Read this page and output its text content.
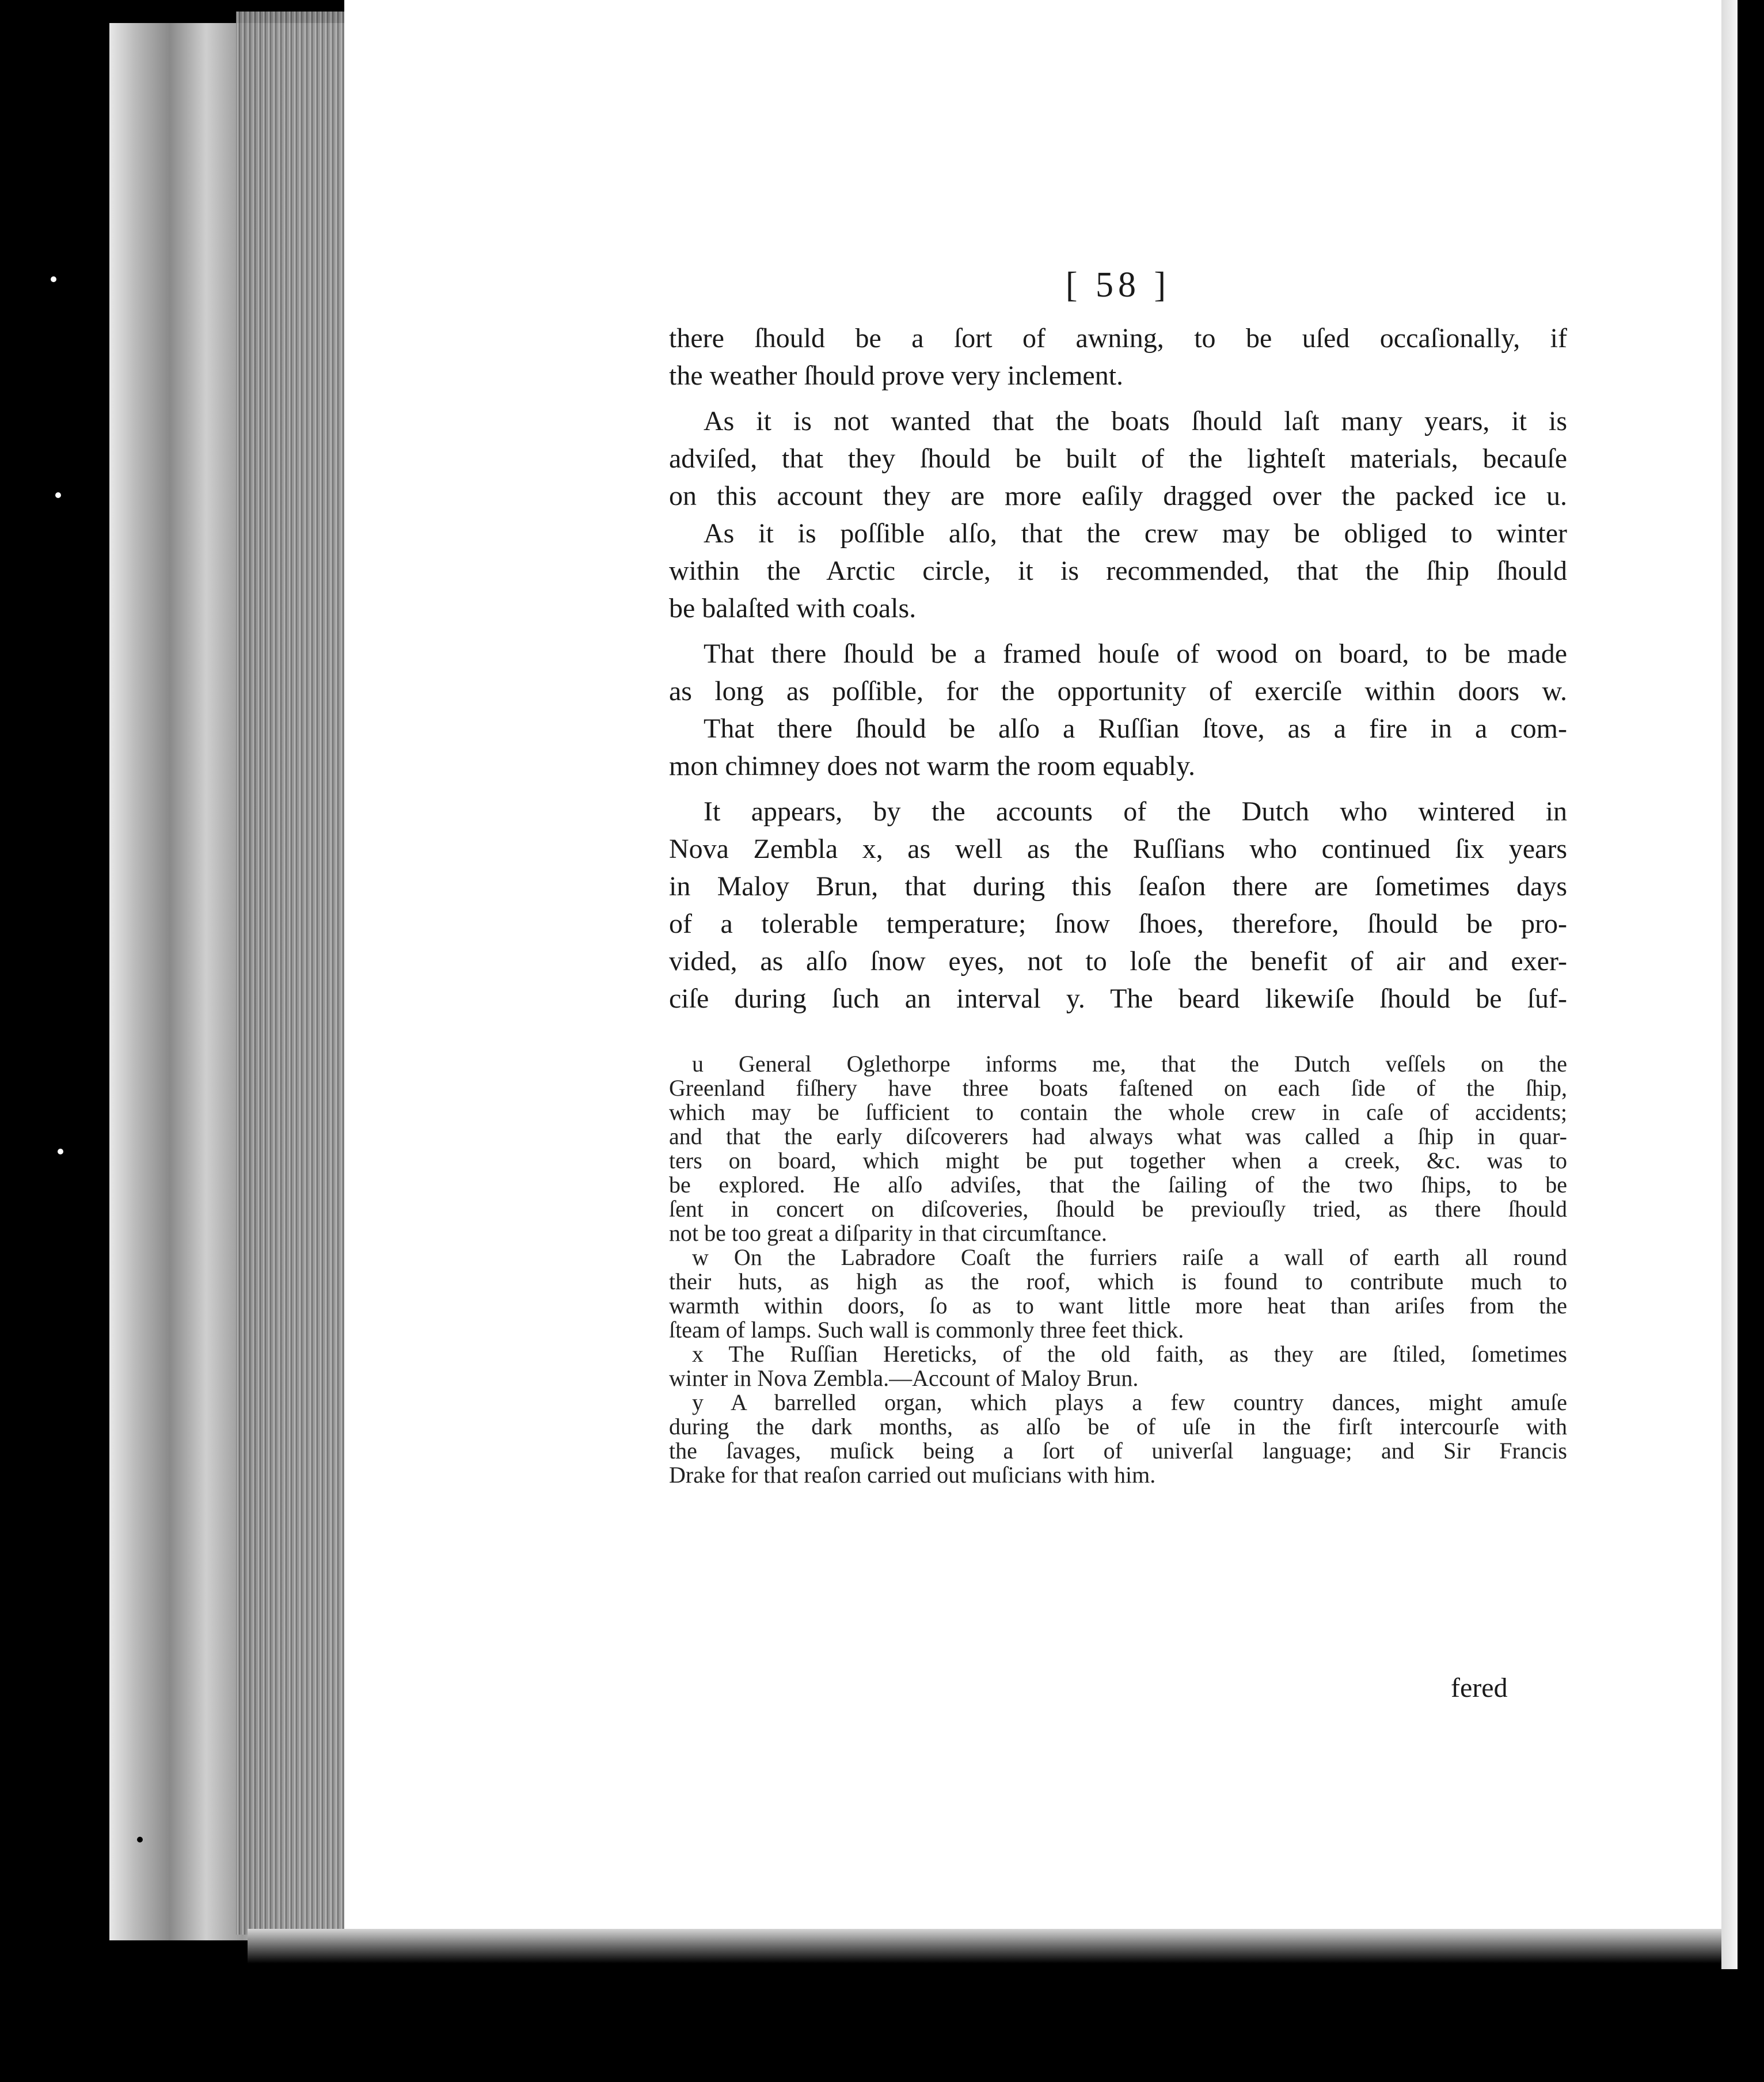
[ 58 ]

there ſhould be a ſort of awning, to be uſed occaſionally, if

the weather ſhould prove very inclement.

As it is not wanted that the boats ſhould laſt many years, it is

adviſed, that they ſhould be built of the lighteſt materials, becauſe

on this account they are more eaſily dragged over the packed ice u.

As it is poſſible alſo, that the crew may be obliged to winter

within the Arctic circle, it is recommended, that the ſhip ſhould

be balaſted with coals.

That there ſhould be a framed houſe of wood on board, to be made

as long as poſſible, for the opportunity of exerciſe within doors w.

That there ſhould be alſo a Ruſſian ſtove, as a fire in a com-

mon chimney does not warm the room equably.

It appears, by the accounts of the Dutch who wintered in

Nova Zembla x, as well as the Ruſſians who continued ſix years

in Maloy Brun, that during this ſeaſon there are ſometimes days

of a tolerable temperature; ſnow ſhoes, therefore, ſhould be pro-

vided, as alſo ſnow eyes, not to loſe the benefit of air and exer-

ciſe during ſuch an interval y. The beard likewiſe ſhould be ſuf-

u General Oglethorpe informs me, that the Dutch veſſels on the

Greenland fiſhery have three boats faſtened on each ſide of the ſhip,

which may be ſufficient to contain the whole crew in caſe of accidents;

and that the early diſcoverers had always what was called a ſhip in quar-

ters on board, which might be put together when a creek, &c. was to

be explored. He alſo adviſes, that the ſailing of the two ſhips, to be

ſent in concert on diſcoveries, ſhould be previouſly tried, as there ſhould

not be too great a diſparity in that circumſtance.

w On the Labradore Coaſt the furriers raiſe a wall of earth all round

their huts, as high as the roof, which is found to contribute much to

warmth within doors, ſo as to want little more heat than ariſes from the

ſteam of lamps. Such wall is commonly three feet thick.

x The Ruſſian Hereticks, of the old faith, as they are ſtiled, ſometimes

winter in Nova Zembla.—Account of Maloy Brun.

y A barrelled organ, which plays a few country dances, might amuſe

during the dark months, as alſo be of uſe in the firſt intercourſe with

the ſavages, muſick being a ſort of univerſal language; and Sir Francis

Drake for that reaſon carried out muſicians with him.

fered
